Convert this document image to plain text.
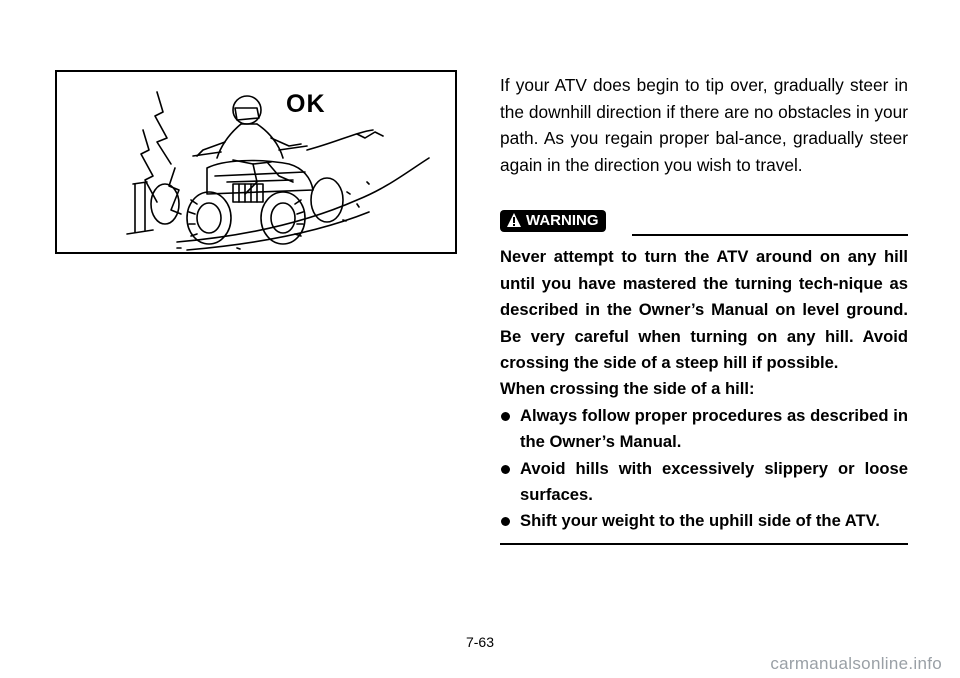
OK

If your ATV does begin to tip over, gradually steer in the downhill direction if there are no obstacles in your path. As you regain proper bal-ance, gradually steer again in the direction you wish to travel.

WARNING

Never attempt to turn the ATV around on any hill until you have mastered the turning tech-nique as described in the Owner’s Manual on level ground. Be very careful when turning on any hill. Avoid crossing the side of a steep hill if possible.

When crossing the side of a hill:

Always follow proper procedures as described in the Owner’s Manual.
Avoid hills with excessively slippery or loose surfaces.
Shift your weight to the uphill side of the ATV.
7-63
carmanualsonline.info
